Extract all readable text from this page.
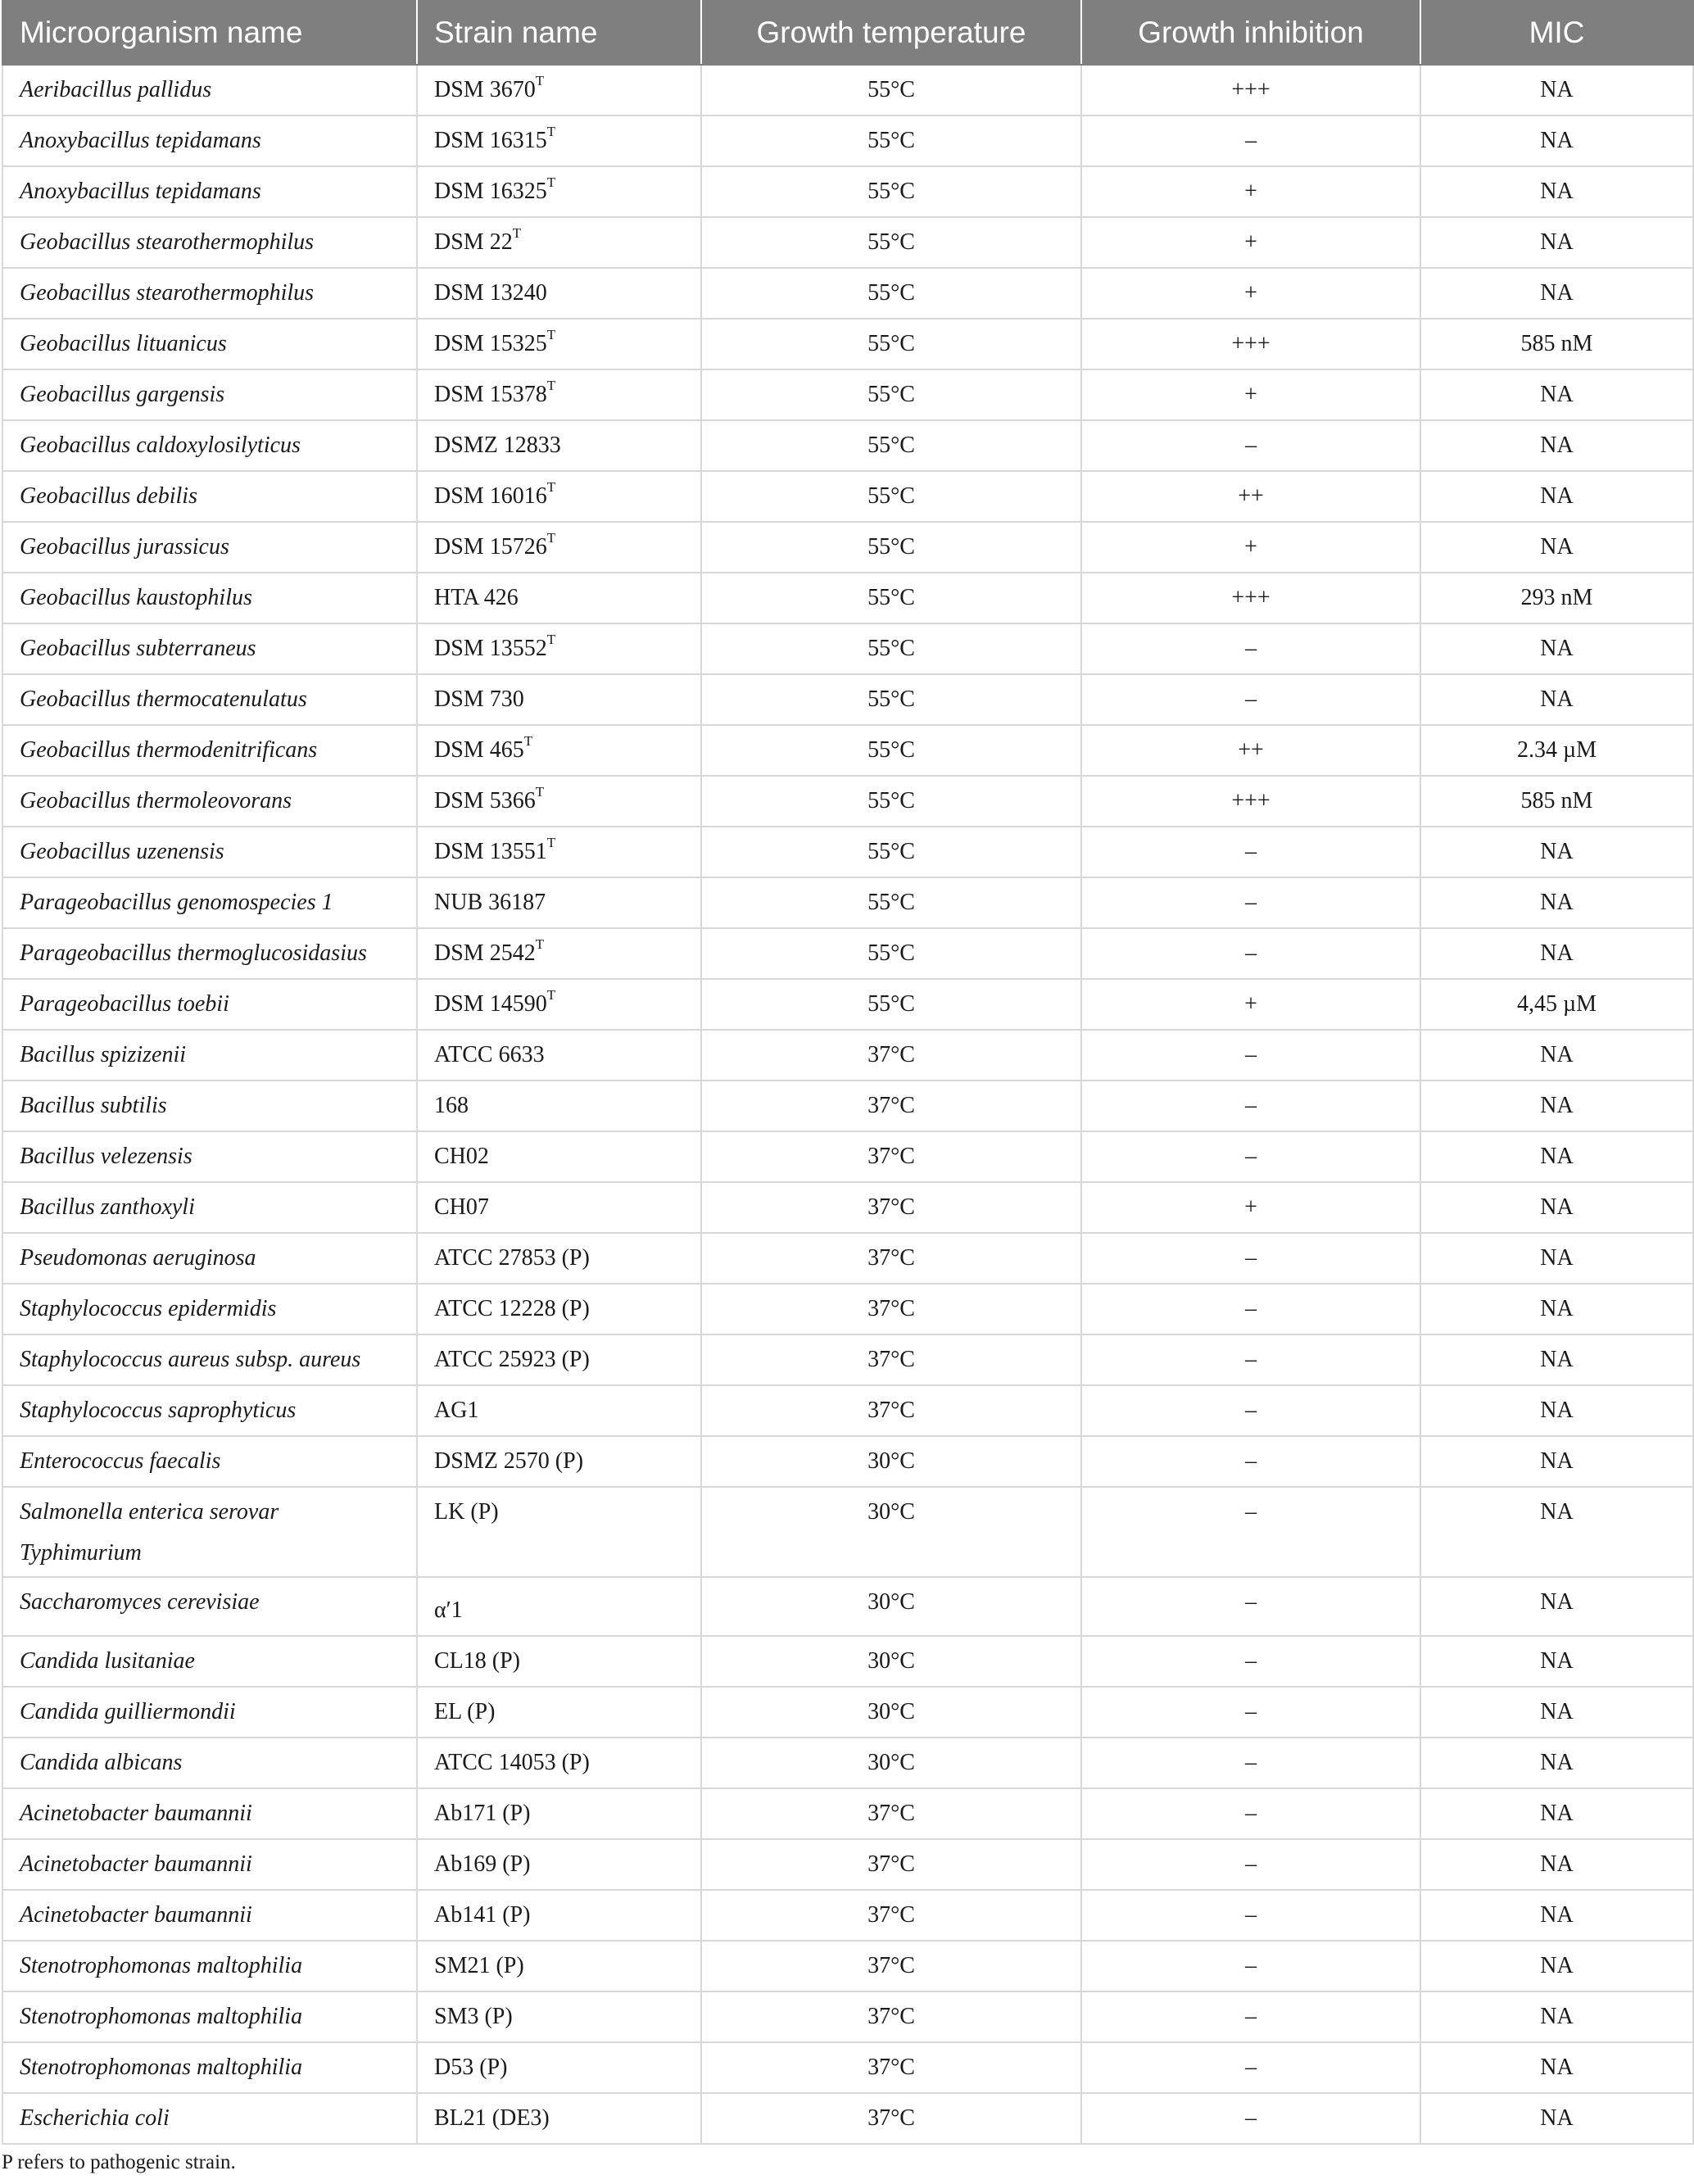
Microorganism name	Strain name	Growth temperature	Growth inhibition	MIC
Aeribacillus pallidus	DSM $3670^T$	55°C	+++	NA
Anoxybacillus tepidamans	DSM $16315^T$	55°C	–	NA
Anoxybacillus tepidamans	DSM $16325^T$	55°C	+	NA
Geobacillus stearothermophilus	DSM $22^T$	55°C	+	NA
Geobacillus stearothermophilus	DSM 13240	55°C	+	NA
Geobacillus lituanicus	DSM $15325^T$	55°C	+++	585 nM
Geobacillus gargensis	DSM $15378^T$	55°C	+	NA
Geobacillus caldoxylosilyticus	DSMZ 12833	55°C	–	NA
Geobacillus debilis	DSM $16016^T$	55°C	++	NA
Geobacillus jurassicus	DSM $15726^T$	55°C	+	NA
Geobacillus kaustophilus	HTA 426	55°C	+++	293 nM
Geobacillus subterraneus	DSM $13552^T$	55°C	–	NA
Geobacillus thermocatenulatus	DSM 730	55°C	–	NA
Geobacillus thermodenitrificans	DSM $465^T$	55°C	++	2.34 µM
Geobacillus thermoleovorans	DSM $5366^T$	55°C	+++	585 nM
Geobacillus uzenensis	DSM $13551^T$	55°C	–	NA
Parageobacillus genomospecies 1	NUB 36187	55°C	–	NA
Parageobacillus thermoglucosidasius	DSM $2542^T$	55°C	–	NA
Parageobacillus toebii	DSM $14590^T$	55°C	+	4,45 µM
Bacillus spizizenii	ATCC 6633	37°C	–	NA
Bacillus subtilis	168	37°C	–	NA
Bacillus velezensis	CH02	37°C	–	NA
Bacillus zanthoxyli	CH07	37°C	+	NA
Pseudomonas aeruginosa	ATCC 27853 (P)	37°C	–	NA
Staphylococcus epidermidis	ATCC 12228 (P)	37°C	–	NA
Staphylococcus aureus subsp. aureus	ATCC 25923 (P)	37°C	–	NA
Staphylococcus saprophyticus	AG1	37°C	–	NA
Enterococcus faecalis	DSMZ 2570 (P)	30°C	–	NA
Salmonella enterica serovar Typhimurium	LK (P)	30°C	–	NA
Saccharomyces cerevisiae	α′1	30°C	–	NA
Candida lusitaniae	CL18 (P)	30°C	–	NA
Candida guilliermondii	EL (P)	30°C	–	NA
Candida albicans	ATCC 14053 (P)	30°C	–	NA
Acinetobacter baumannii	Ab171 (P)	37°C	–	NA
Acinetobacter baumannii	Ab169 (P)	37°C	–	NA
Acinetobacter baumannii	Ab141 (P)	37°C	–	NA
Stenotrophomonas maltophilia	SM21 (P)	37°C	–	NA
Stenotrophomonas maltophilia	SM3 (P)	37°C	–	NA
Stenotrophomonas maltophilia	D53 (P)	37°C	–	NA
Escherichia coli	BL21 (DE3)	37°C	–	NA
P refers to pathogenic strain.
